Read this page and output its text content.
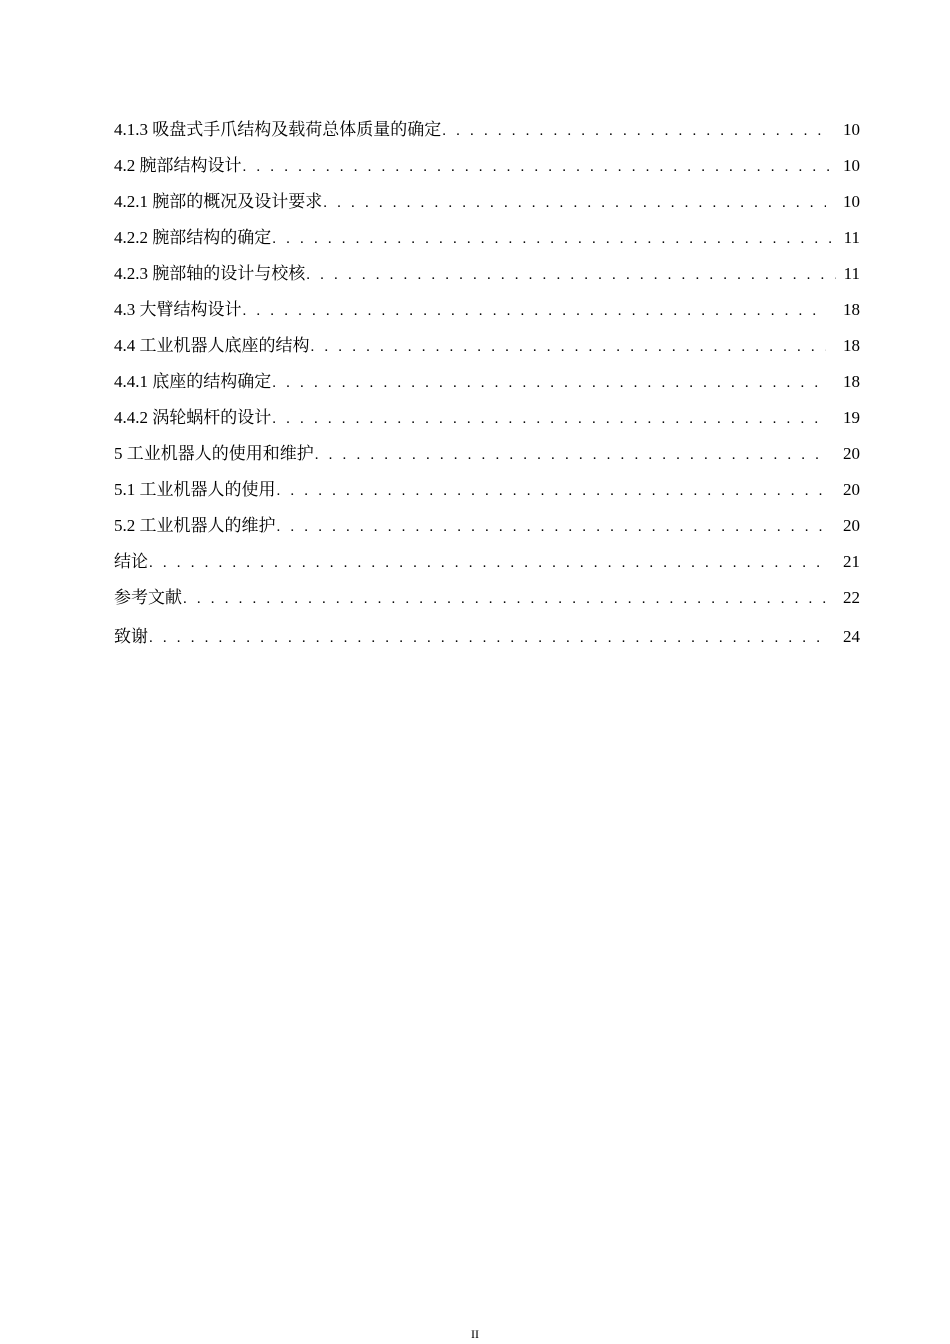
4.1.3 吸盘式手爪结构及载荷总体质量的确定 . . .	10
4.2 腕部结构设计 . . .	10
4.2.1 腕部的概况及设计要求 . . .	10
4.2.2 腕部结构的确定 . . .	11
4.2.3 腕部轴的设计与校核 . . .	11
4.3 大臂结构设计 . . .	18
4.4 工业机器人底座的结构 . . .	18
4.4.1 底座的结构确定 . . .	18
4.4.2 涡轮蜗杆的设计 . . .	19
5 工业机器人的使用和维护 . . .	20
5.1 工业机器人的使用 . . .	20
5.2 工业机器人的维护 . . .	20
结论 . . .	21
参考文献 . . .	22
致谢 . . .	24
II
